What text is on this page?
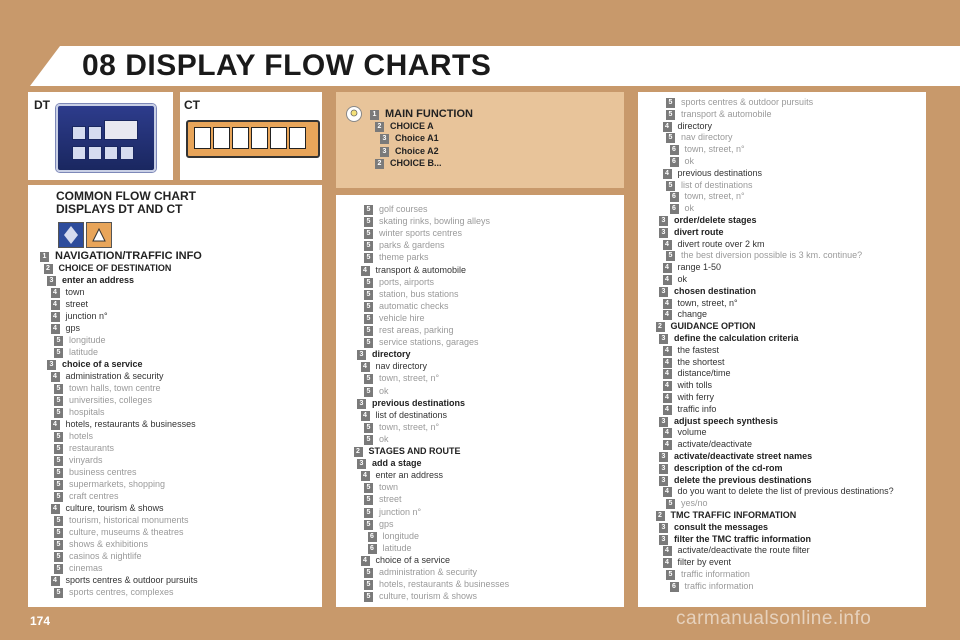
08 DISPLAY FLOW CHARTS
DT	CT
COMMON FLOW CHART
DISPLAYS DT AND CT
1 MAIN FUNCTION
2 CHOICE A
3 Choice A1
3 Choice A2
2 CHOICE B...
1 NAVIGATION/TRAFFIC INFO
2 CHOICE OF DESTINATION
3 enter an address
4 town
4 street
4 junction n°
4 gps
5 longitude
5 latitude
3 choice of a service
4 administration & security
5 town halls, town centre
5 universities, colleges
5 hospitals
4 hotels, restaurants & businesses
5 hotels
5 restaurants
5 vinyards
5 business centres
5 supermarkets, shopping
5 craft centres
4 culture, tourism & shows
5 tourism, historical monuments
5 culture, museums & theatres
5 shows & exhibitions
5 casinos & nightlife
5 cinemas
4 sports centres & outdoor pursuits
5 sports centres, complexes
5 golf courses
5 skating rinks, bowling alleys
5 winter sports centres
5 parks & gardens
5 theme parks
4 transport & automobile
5 ports, airports
5 station, bus stations
5 automatic checks
5 vehicle hire
5 rest areas, parking
5 service stations, garages
3 directory
4 nav directory
5 town, street, n°
5 ok
3 previous destinations
4 list of destinations
5 town, street, n°
5 ok
2 STAGES AND ROUTE
3 add a stage
4 enter an address
5 town
5 street
5 junction n°
5 gps
6 longitude
6 latitude
4 choice of a service
5 administration & security
5 hotels, restaurants & businesses
5 culture, tourism & shows
5 sports centres & outdoor pursuits
5 transport & automobile
4 directory
5 nav directory
6 town, street, n°
6 ok
4 previous destinations
5 list of destinations
6 town, street, n°
6 ok
3 order/delete stages
3 divert route
4 divert route over 2 km
5 the best diversion possible is 3 km. continue?
4 range 1-50
4 ok
3 chosen destination
4 town, street, n°
4 change
2 GUIDANCE OPTION
3 define the calculation criteria
4 the fastest
4 the shortest
4 distance/time
4 with tolls
4 with ferry
4 traffic info
3 adjust speech synthesis
4 volume
4 activate/deactivate
3 activate/deactivate street names
3 description of the cd-rom
3 delete the previous destinations
4 do you want to delete the list of previous destinations?
5 yes/no
2 TMC TRAFFIC INFORMATION
3 consult the messages
3 filter the TMC traffic information
4 activate/deactivate the route filter
4 filter by event
5 traffic information
6 traffic information
174	carmanualsonline.info
